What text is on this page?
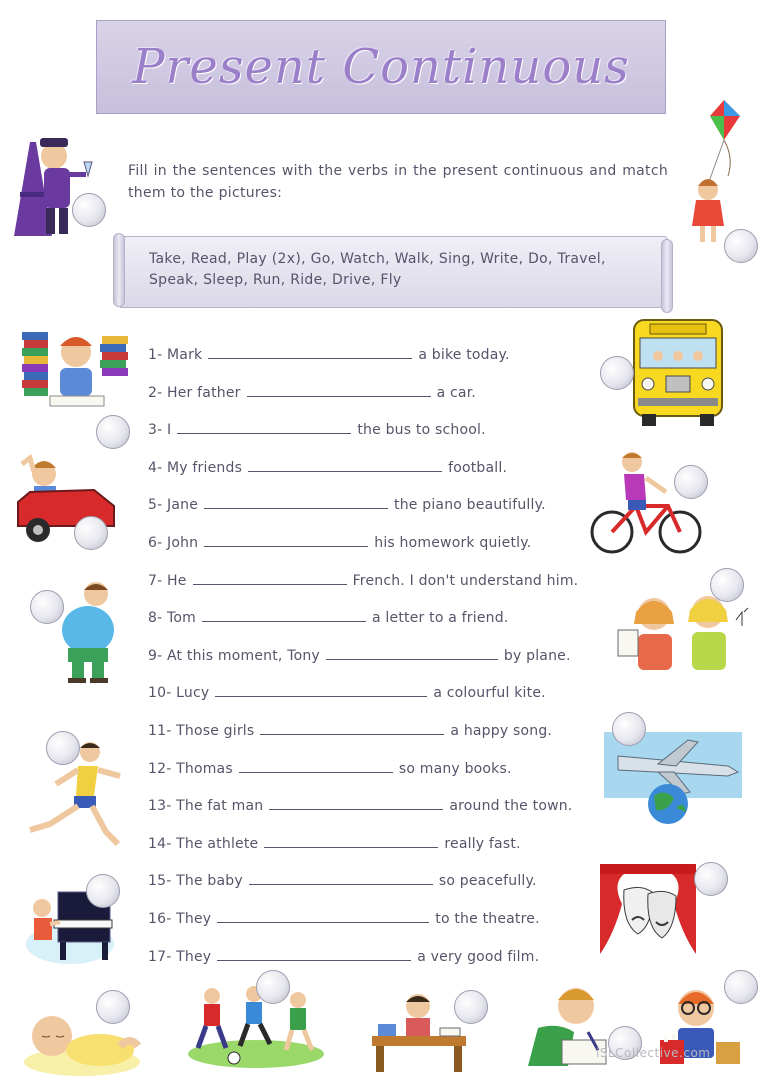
Present Continuous
Fill in the sentences with the verbs in the present continuous and match them to the pictures:
Take, Read, Play (2x), Go, Watch, Walk, Sing, Write, Do, Travel, Speak, Sleep, Run, Ride, Drive, Fly
1- Mark	a bike today.
2- Her father	a car.
3- I	the bus to school.
4- My friends	football.
5- Jane	the piano beautifully.
6- John	his homework quietly.
7- He	French. I don't understand him.
8- Tom	a letter to a friend.
9- At this moment, Tony	by plane.
10- Lucy	a colourful kite.
11- Those girls	a happy song.
12- Thomas	so many books.
13- The fat man	around the town.
14- The athlete	really fast.
15- The baby	so peacefully.
16- They	to the theatre.
17- They	a very good film.
iSLCollective.com
